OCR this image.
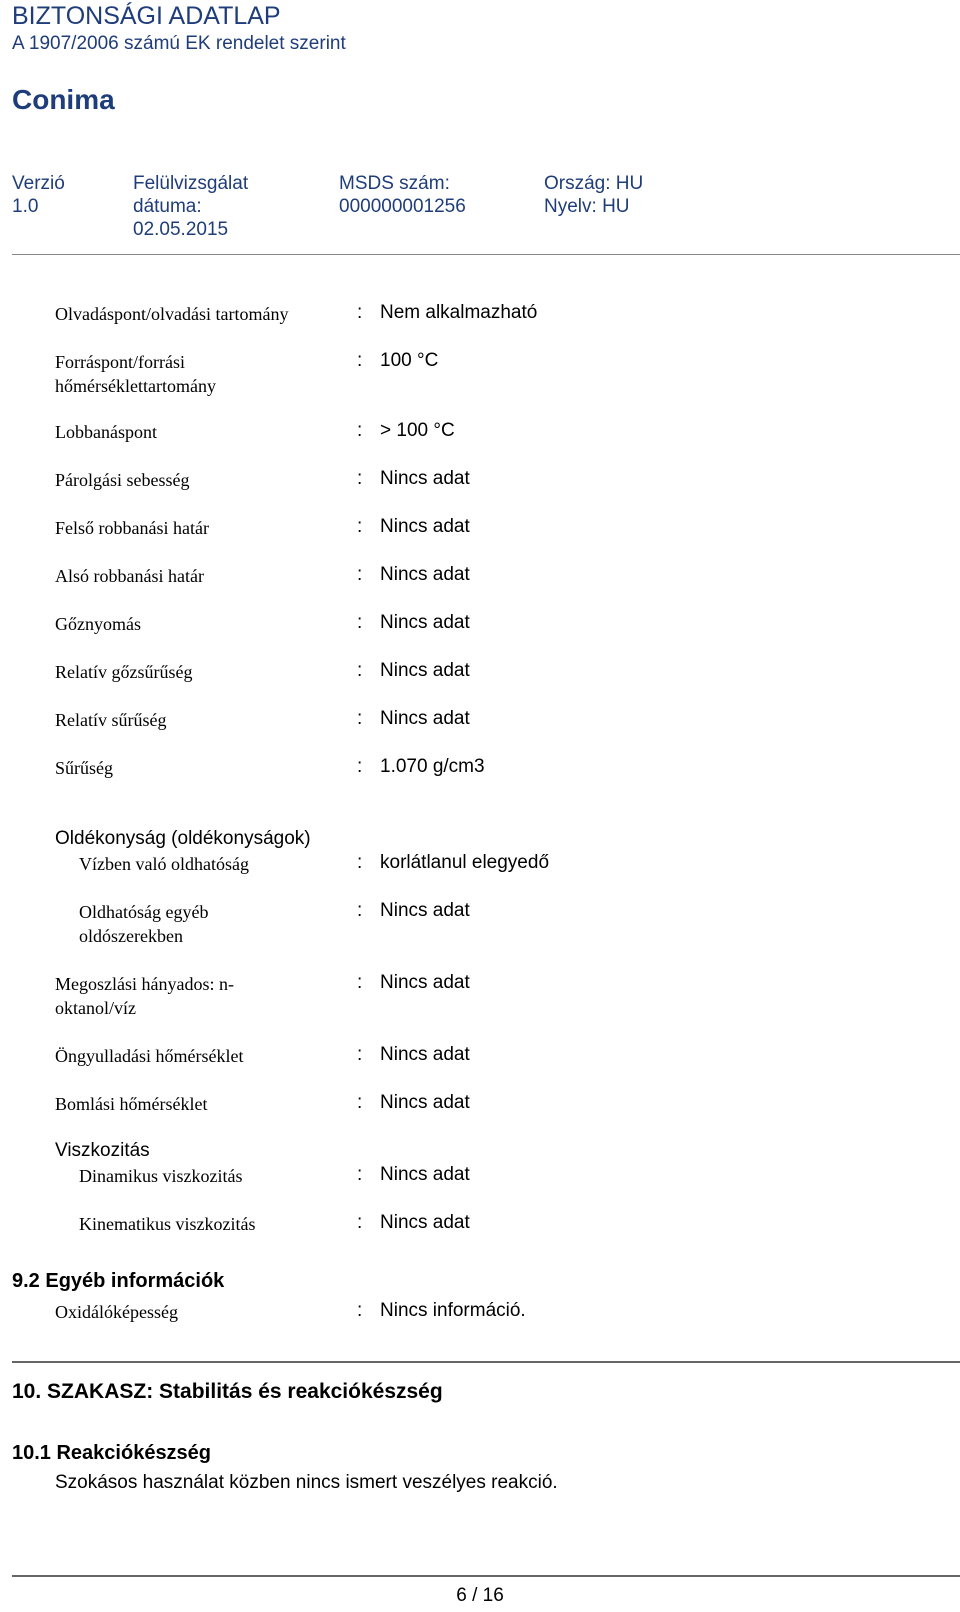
BIZTONSÁGI ADATLAP
A 1907/2006 számú EK rendelet szerint
Conima
Verzió
1.0
Felülvizsgálat
dátuma:
02.05.2015
MSDS szám:
000000001256
Ország: HU
Nyelv: HU
Olvadáspont/olvadási tartomány	: Nem alkalmazható
Forráspont/forrási
hőmérséklettartomány
: 100 °C
Lobbanáspont	: > 100 °C
Párolgási sebesség	: Nincs adat
Felső robbanási határ	: Nincs adat
Alsó robbanási határ	: Nincs adat
Gőznyomás	: Nincs adat
Relatív gőzsűrűség	: Nincs adat
Relatív sűrűség	: Nincs adat
Sűrűség	: 1.070 g/cm3
Oldékonyság (oldékonyságok)
Vízben való oldhatóság	: korlátlanul elegyedő
Oldhatóság egyéb
oldószerekben
: Nincs adat
Megoszlási hányados: n-
oktanol/víz
: Nincs adat
Öngyulladási hőmérséklet	: Nincs adat
Bomlási hőmérséklet	: Nincs adat
Viszkozitás
Dinamikus viszkozitás	: Nincs adat
Kinematikus viszkozitás	: Nincs adat
9.2 Egyéb információk
Oxidálóképesség	: Nincs információ.
10. SZAKASZ: Stabilitás és reakciókészség
10.1 Reakciókészség
Szokásos használat közben nincs ismert veszélyes reakció.
6 / 16
